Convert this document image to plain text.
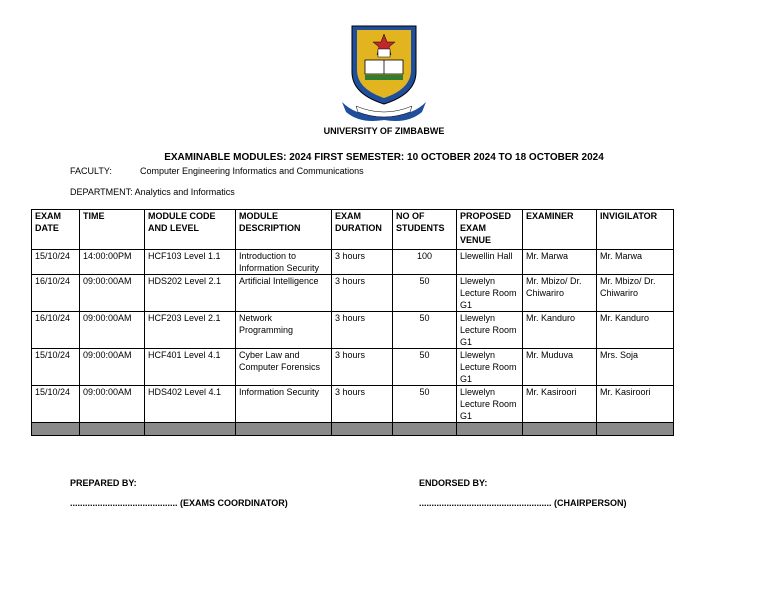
UNIVERSITY OF ZIMBABWE
EXAMINABLE MODULES: 2024 FIRST SEMESTER: 10 OCTOBER 2024 TO 18 OCTOBER 2024
FACULTY:	Computer Engineering Informatics and Communications
DEPARTMENT: Analytics and Informatics
EXAM DATE	TIME	MODULE CODE AND LEVEL	MODULE DESCRIPTION	EXAM DURATION	NO OF STUDENTS	PROPOSED EXAM VENUE	EXAMINER	INVIGILATOR
15/10/24	14:00:00PM	HCF103 Level 1.1	Introduction to Information Security	3 hours	100	Llewellin Hall	Mr. Marwa	Mr. Marwa
16/10/24	09:00:00AM	HDS202 Level 2.1	Artificial Intelligence	3 hours	50	Llewelyn Lecture Room G1	Mr. Mbizo/ Dr. Chiwariro	Mr. Mbizo/ Dr. Chiwariro
16/10/24	09:00:00AM	HCF203 Level 2.1	Network Programming	3 hours	50	Llewelyn Lecture Room G1	Mr. Kanduro	Mr. Kanduro
15/10/24	09:00:00AM	HCF401 Level 4.1	Cyber Law and Computer Forensics	3 hours	50	Llewelyn Lecture Room G1	Mr. Muduva	Mrs. Soja
15/10/24	09:00:00AM	HDS402 Level 4.1	Information Security	3 hours	50	Llewelyn Lecture Room G1	Mr. Kasiroori	Mr. Kasiroori

PREPARED BY:	ENDORSED BY:
........................................... (EXAMS COORDINATOR)	..................................................... (CHAIRPERSON)
